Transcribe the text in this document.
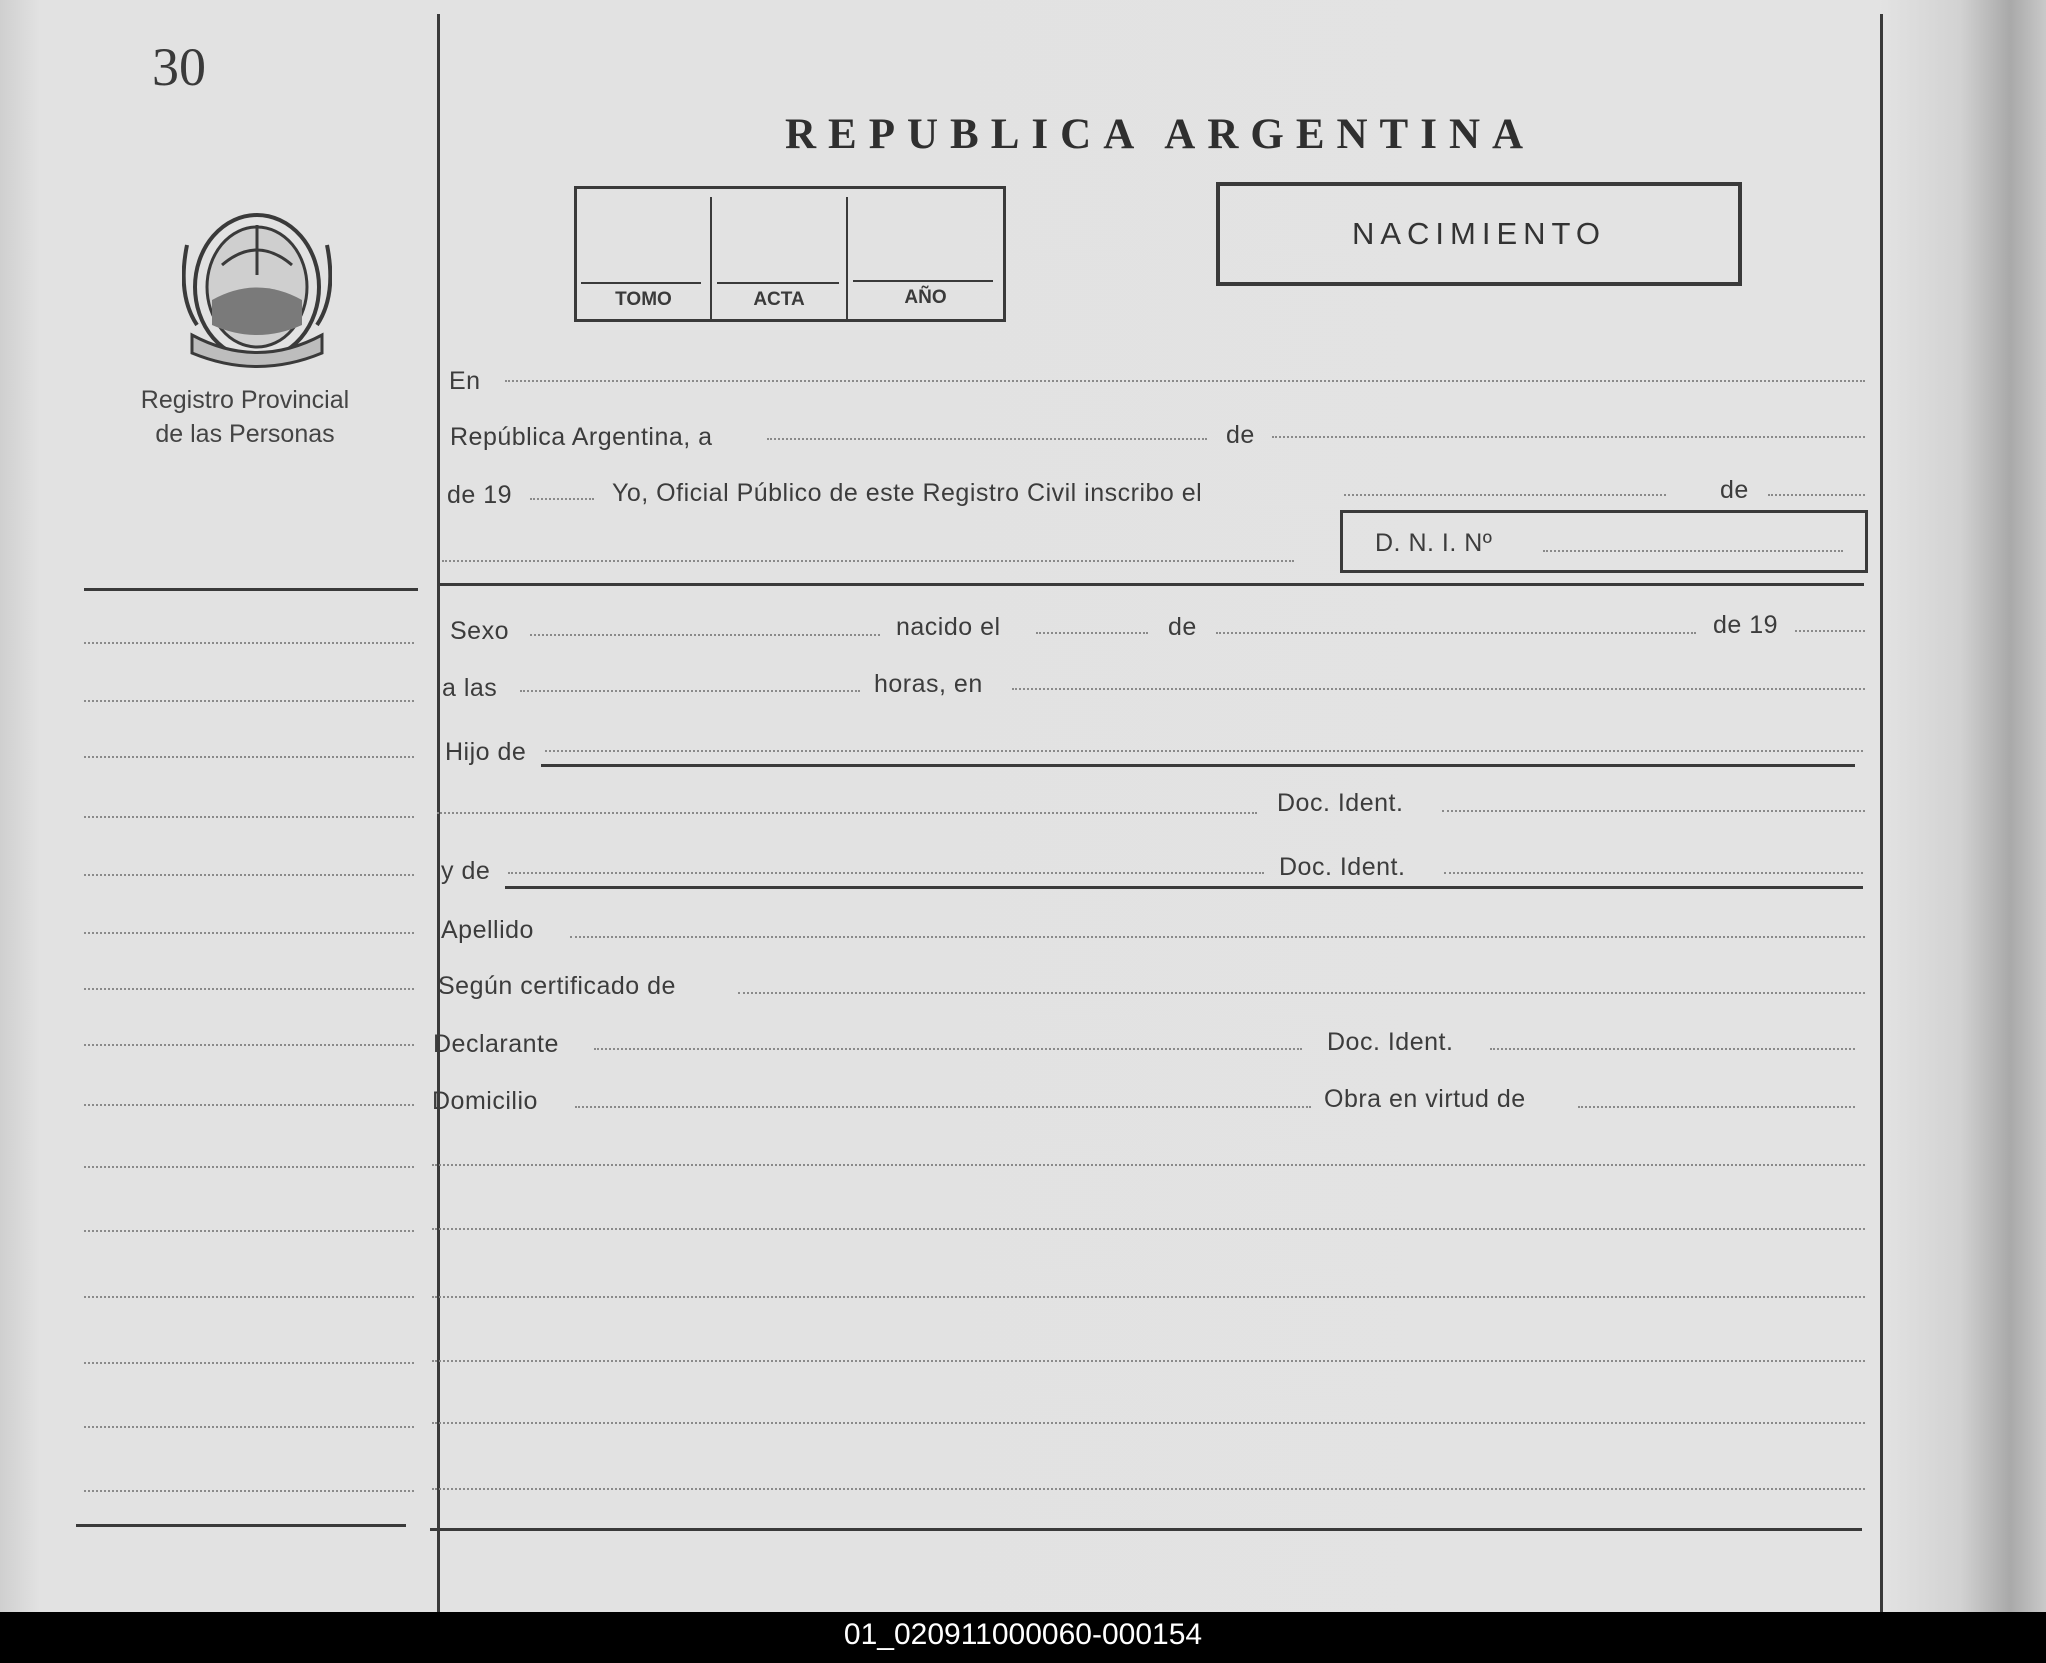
30
Registro Provincial
de las Personas
REPUBLICA ARGENTINA
TOMO	ACTA	AÑO
NACIMIENTO
En
República Argentina, a	de
de 19	Yo, Oficial Público de este Registro Civil inscribo el	de
D. N. I. Nº
Sexo	nacido el	de	de 19
a las	horas, en
Hijo de
Doc. Ident.
y de	Doc. Ident.
Apellido
Según certificado de
Declarante	Doc. Ident.
Domicilio	Obra en virtud de
01_020911000060-000154
